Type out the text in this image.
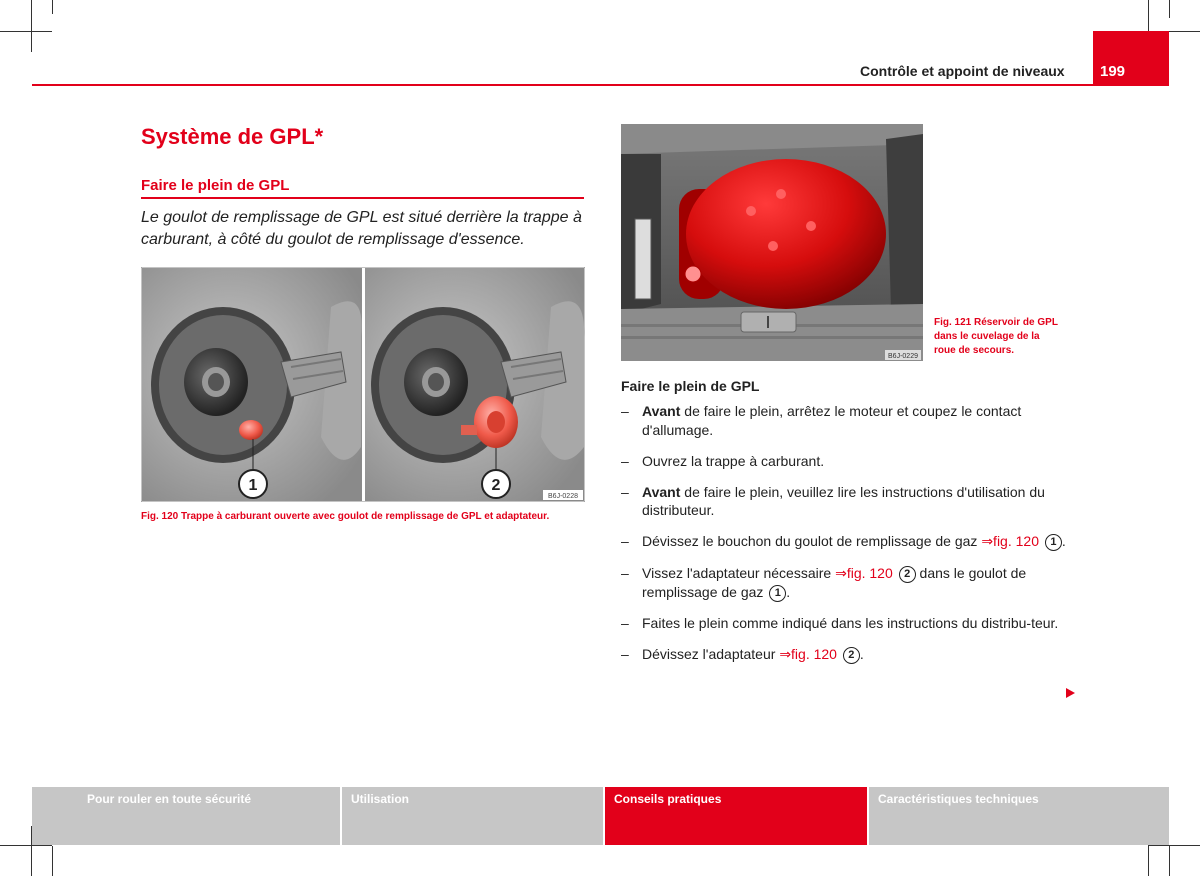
Contrôle et appoint de niveaux 199
Système de GPL*
Faire le plein de GPL
Le goulot de remplissage de GPL est situé derrière la trappe à carburant, à côté du goulot de remplissage d'essence.
1	2
B6J-0228
Fig. 120 Trappe à carburant ouverte avec goulot de remplissage de GPL et adaptateur.
B6J-0229
Fig. 121 Réservoir de GPL dans le cuvelage de la roue de secours.
Faire le plein de GPL
– Avant de faire le plein, arrêtez le moteur et coupez le contact d'allumage.
– Ouvrez la trappe à carburant.
– Avant de faire le plein, veuillez lire les instructions d'utilisation du distributeur.
– Dévissez le bouchon du goulot de remplissage de gaz ⇒fig. 120 1 .
– Vissez l'adaptateur nécessaire ⇒fig. 120 2 dans le goulot de remplissage de gaz 1 .
– Faites le plein comme indiqué dans les instructions du distribu-teur.
– Dévissez l'adaptateur ⇒fig. 120 2 .
Pour rouler en toute sécurité	Utilisation	Conseils pratiques	Caractéristiques techniques
